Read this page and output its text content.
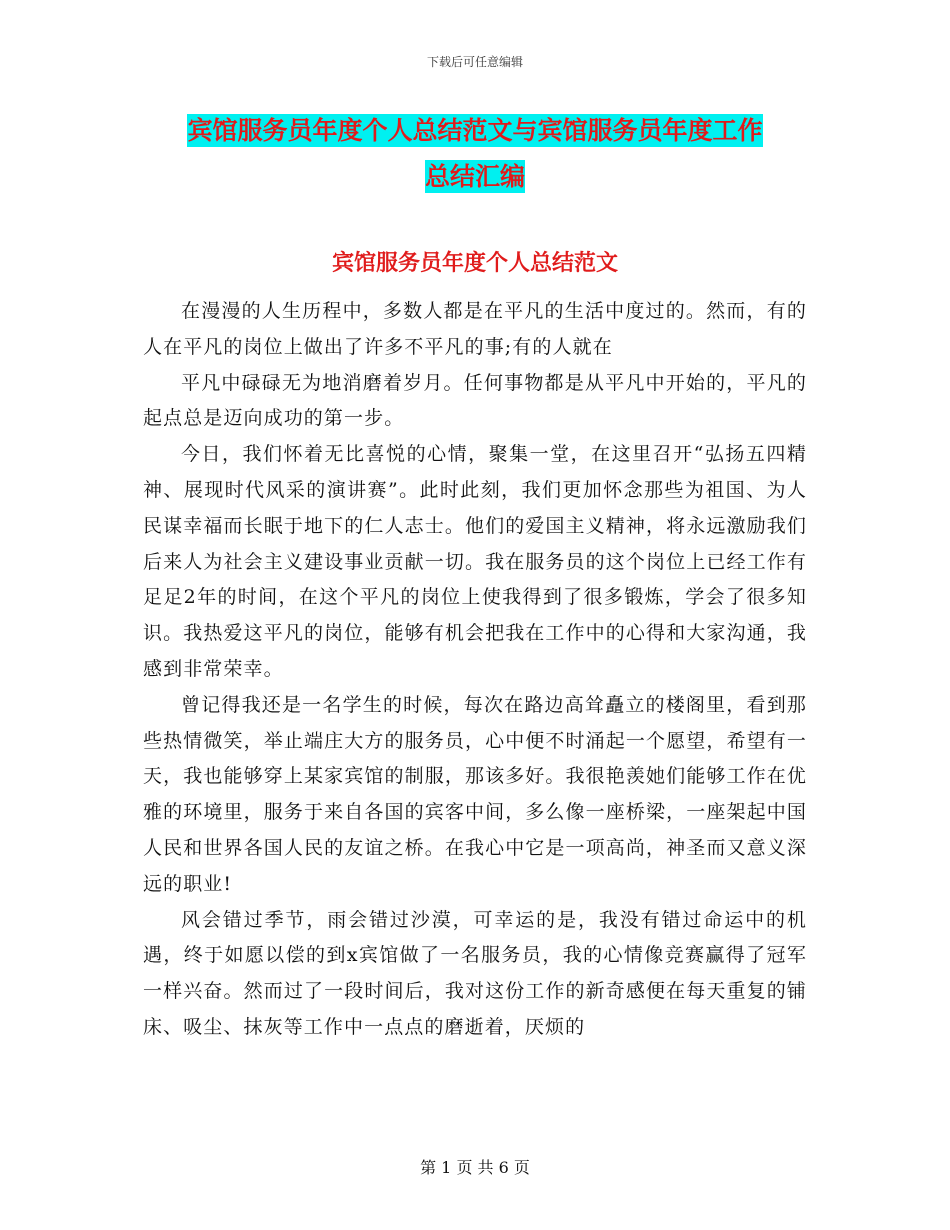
下载后可任意编辑
宾馆服务员年度个人总结范文与宾馆服务员年度工作
总结汇编
宾馆服务员年度个人总结范文

在漫漫的人生历程中，多数人都是在平凡的生活中度过的。然而，有的人在平凡的岗位上做出了许多不平凡的事;有的人就在

平凡中碌碌无为地消磨着岁月。任何事物都是从平凡中开始的，平凡的起点总是迈向成功的第一步。

今日，我们怀着无比喜悦的心情，聚集一堂，在这里召开“弘扬五四精神、展现时代风采的演讲赛”。此时此刻，我们更加怀念那些为祖国、为人民谋幸福而长眠于地下的仁人志士。他们的爱国主义精神，将永远激励我们后来人为社会主义建设事业贡献一切。我在服务员的这个岗位上已经工作有足足2年的时间，在这个平凡的岗位上使我得到了很多锻炼，学会了很多知识。我热爱这平凡的岗位，能够有机会把我在工作中的心得和大家沟通，我感到非常荣幸。

曾记得我还是一名学生的时候，每次在路边高耸矗立的楼阁里，看到那些热情微笑，举止端庄大方的服务员，心中便不时涌起一个愿望，希望有一天，我也能够穿上某家宾馆的制服，那该多好。我很艳羡她们能够工作在优雅的环境里，服务于来自各国的宾客中间，多么像一座桥梁，一座架起中国人民和世界各国人民的友谊之桥。在我心中它是一项高尚，神圣而又意义深远的职业!

风会错过季节，雨会错过沙漠，可幸运的是，我没有错过命运中的机遇，终于如愿以偿的到x宾馆做了一名服务员，我的心情像竞赛赢得了冠军一样兴奋。然而过了一段时间后，我对这份工作的新奇感便在每天重复的铺床、吸尘、抹灰等工作中一点点的磨逝着，厌烦的

第 1 页 共 6 页
